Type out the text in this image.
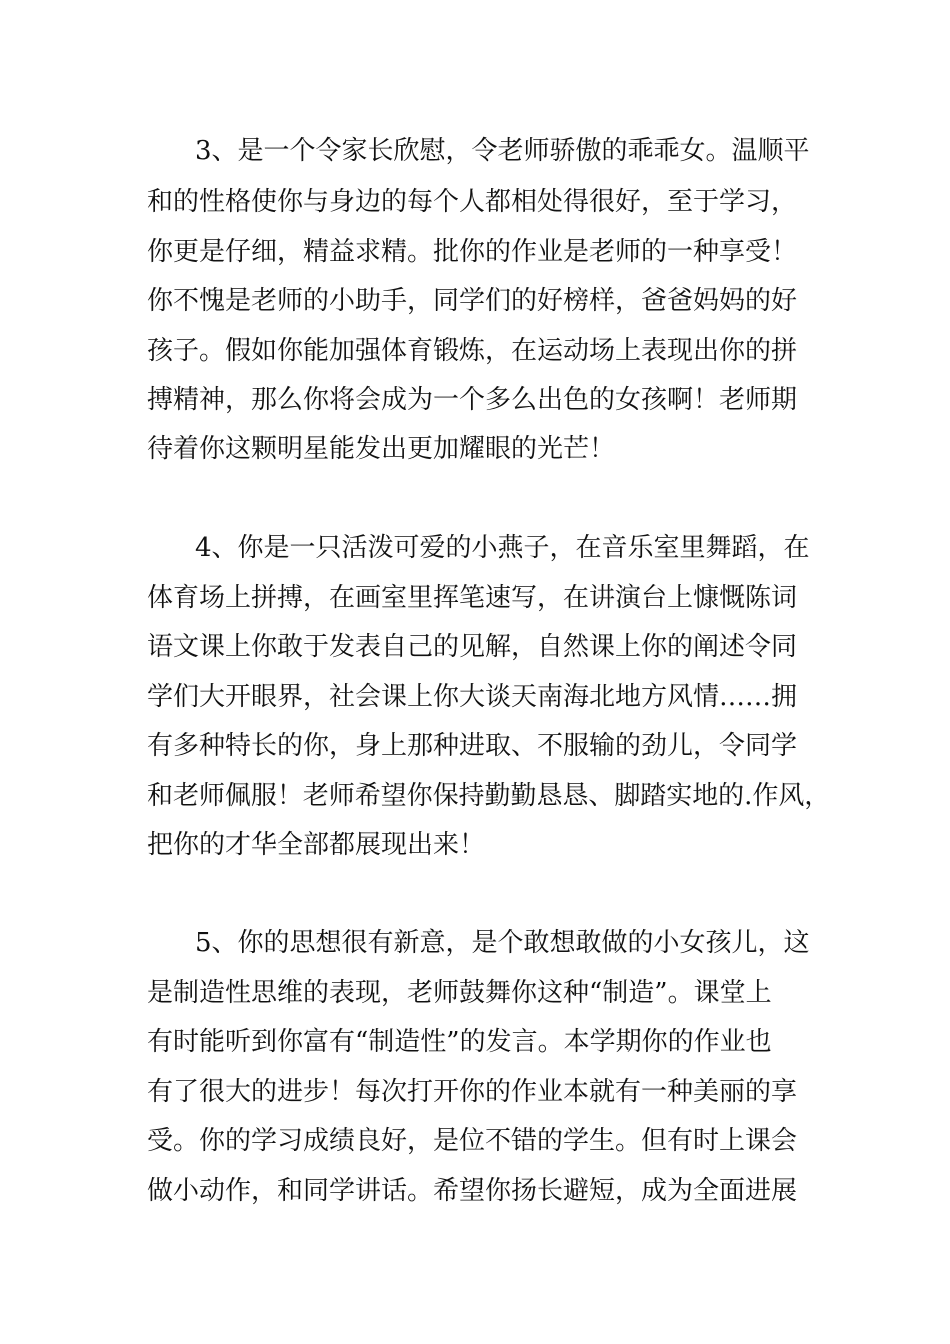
3、是一个令家长欣慰，令老师骄傲的乖乖女。温顺平
和的性格使你与身边的每个人都相处得很好，至于学习，
你更是仔细，精益求精。批你的作业是老师的一种享受！
你不愧是老师的小助手，同学们的好榜样，爸爸妈妈的好
孩子。假如你能加强体育锻炼，在运动场上表现出你的拼
搏精神，那么你将会成为一个多么出色的女孩啊！老师期
待着你这颗明星能发出更加耀眼的光芒！
4、你是一只活泼可爱的小燕子，在音乐室里舞蹈，在
体育场上拼搏，在画室里挥笔速写，在讲演台上慷慨陈词
语文课上你敢于发表自己的见解，自然课上你的阐述令同
学们大开眼界，社会课上你大谈天南海北地方风情……拥
有多种特长的你，身上那种进取、不服输的劲儿，令同学
和老师佩服！老师希望你保持勤勤恳恳、脚踏实地的.作风，
把你的才华全部都展现出来！
5、你的思想很有新意，是个敢想敢做的小女孩儿，这
是制造性思维的表现，老师鼓舞你这种“制造”。课堂上
有时能听到你富有“制造性”的发言。本学期你的作业也
有了很大的进步！每次打开你的作业本就有一种美丽的享
受。你的学习成绩良好，是位不错的学生。但有时上课会
做小动作，和同学讲话。希望你扬长避短，成为全面进展
